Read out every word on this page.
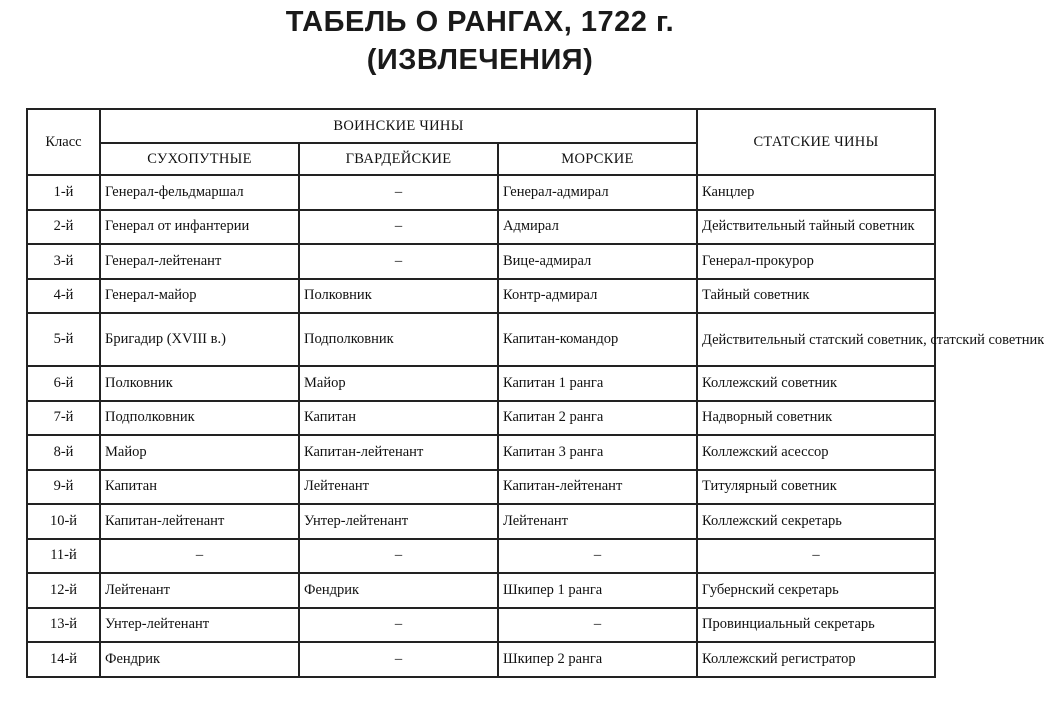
ТАБЕЛЬ О РАНГАХ, 1722 г.
(ИЗВЛЕЧЕНИЯ)
Класс	ВОИНСКИЕ ЧИНЫ			СТАТСКИЕ ЧИНЫ
	СУХОПУТНЫЕ	ГВАРДЕЙСКИЕ	МОРСКИЕ	
1-й	Генерал-фельдмаршал	–	Генерал-адмирал	Канцлер
2-й	Генерал от инфантерии	–	Адмирал	Действительный тайный советник
3-й	Генерал-лейтенант	–	Вице-адмирал	Генерал-прокурор
4-й	Генерал-майор	Полковник	Контр-адмирал	Тайный советник
5-й	Бригадир (XVIII в.)	Подполковник	Капитан-командор	Действительный статский советник, статский советник
6-й	Полковник	Майор	Капитан 1 ранга	Коллежский советник
7-й	Подполковник	Капитан	Капитан 2 ранга	Надворный советник
8-й	Майор	Капитан-лейтенант	Капитан 3 ранга	Коллежский асессор
9-й	Капитан	Лейтенант	Капитан-лейтенант	Титулярный советник
10-й	Капитан-лейтенант	Унтер-лейтенант	Лейтенант	Коллежский секретарь
11-й	–	–	–	–
12-й	Лейтенант	Фендрик	Шкипер 1 ранга	Губернский секретарь
13-й	Унтер-лейтенант	–	–	Провинциальный секретарь
14-й	Фендрик	–	Шкипер 2 ранга	Коллежский регистратор
